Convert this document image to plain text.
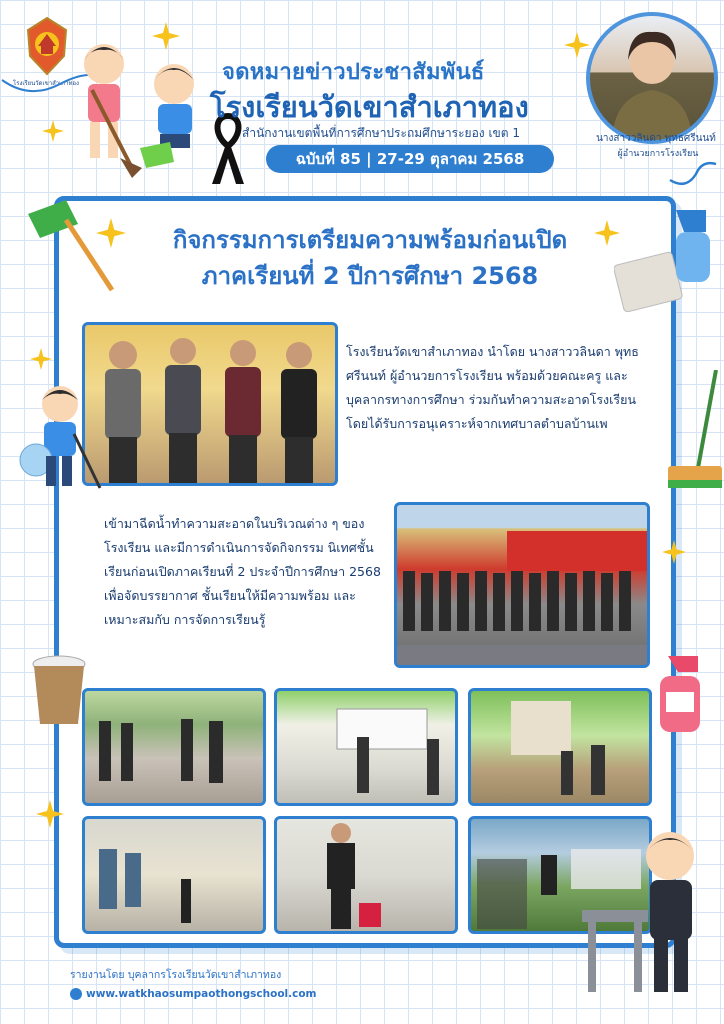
โรงเรียนวัดเขาสำเภาทอง	จดหมายข่าวประชาสัมพันธ์
โรงเรียนวัดเขาสำเภาทอง
สำนักงานเขตพื้นที่การศึกษาประถมศึกษาระยอง เขต 1
ฉบับที่ 85 | 27-29 ตุลาคม 2568
นางสาววลินดา พุทธศรีนนท์
ผู้อำนวยการโรงเรียน
กิจกรรมการเตรียมความพร้อมก่อนเปิด
ภาคเรียนที่ 2 ปีการศึกษา 2568
โรงเรียนวัดเขาสำเภาทอง นำโดย นางสาววลินดา พุทธศรีนนท์ ผู้อำนวยการโรงเรียน พร้อมด้วยคณะครู และบุคลากรทางการศึกษา ร่วมกันทำความสะอาดโรงเรียน โดยได้รับการอนุเคราะห์จากเทศบาลตำบลบ้านเพ
เข้ามาฉีดน้ำทำความสะอาดในบริเวณต่าง ๆ ของโรงเรียน และมีการดำเนินการจัดกิจกรรม นิเทศชั้นเรียนก่อนเปิดภาคเรียนที่ 2 ประจำปีการศึกษา 2568 เพื่อจัดบรรยากาศ ชั้นเรียนให้มีความพร้อม และเหมาะสมกับ การจัดการเรียนรู้
รายงานโดย บุคลากรโรงเรียนวัดเขาสำเภาทอง
www.watkhaosumpaothongschool.com
